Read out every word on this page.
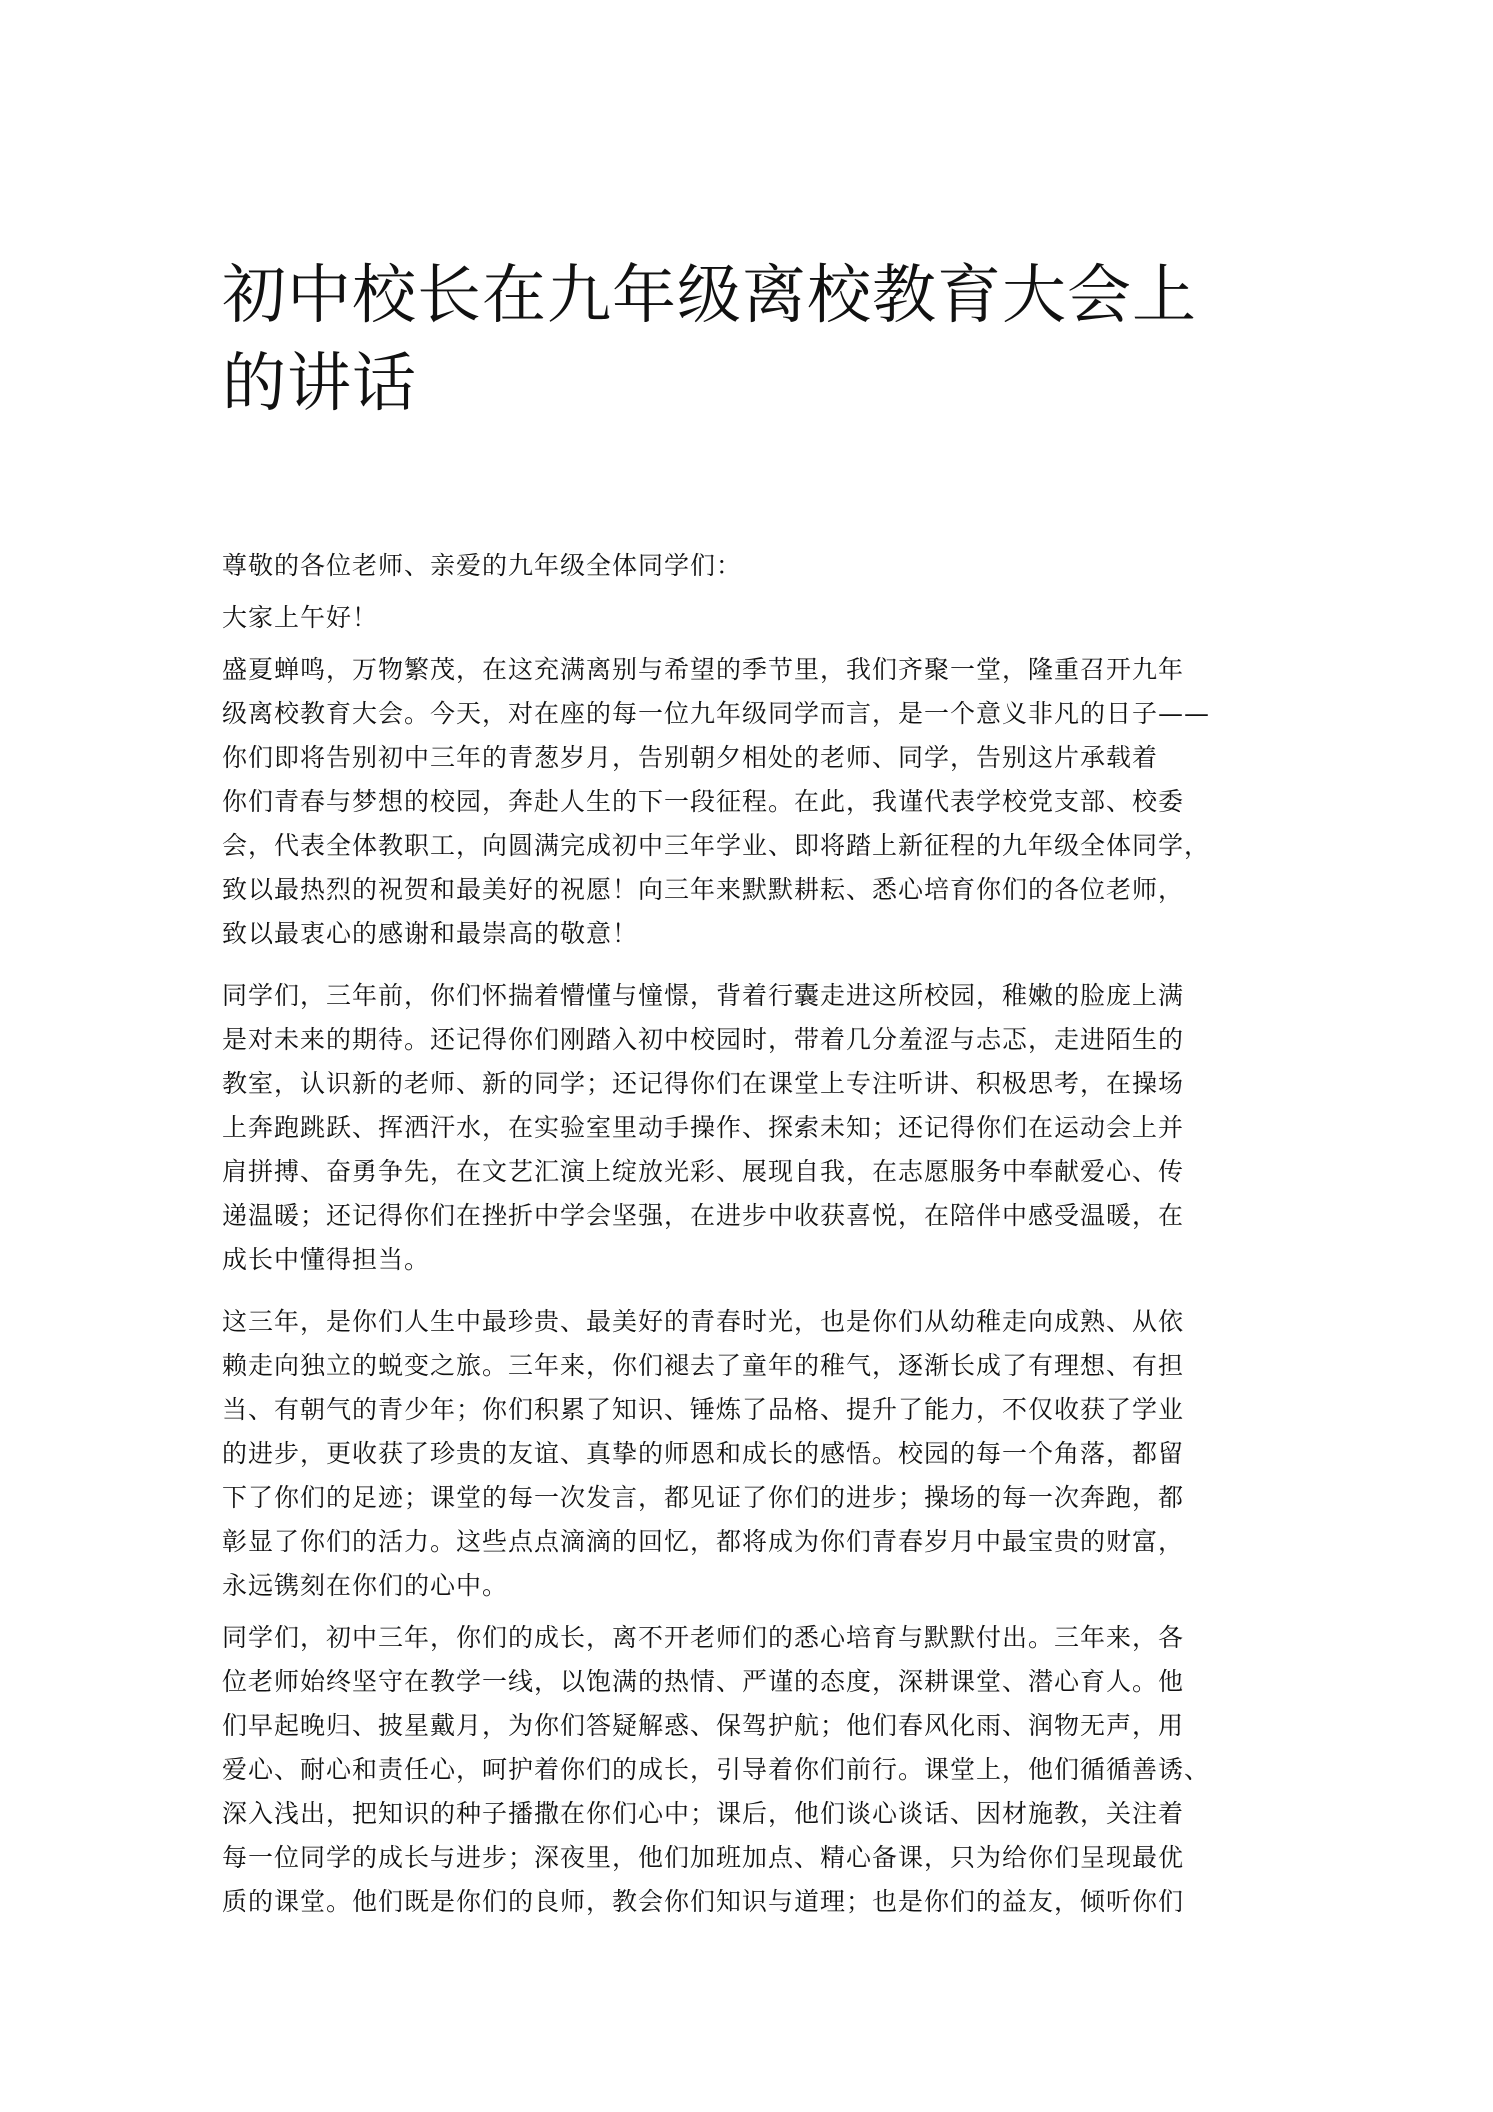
初中校长在九年级离校教育大会上
的讲话

尊敬的各位老师、亲爱的九年级全体同学们：

大家上午好！

盛夏蝉鸣，万物繁茂，在这充满离别与希望的季节里，我们齐聚一堂，隆重召开九年
级离校教育大会。今天，对在座的每一位九年级同学而言，是一个意义非凡的日子——
你们即将告别初中三年的青葱岁月，告别朝夕相处的老师、同学，告别这片承载着
你们青春与梦想的校园，奔赴人生的下一段征程。在此，我谨代表学校党支部、校委
会，代表全体教职工，向圆满完成初中三年学业、即将踏上新征程的九年级全体同学，
致以最热烈的祝贺和最美好的祝愿！向三年来默默耕耘、悉心培育你们的各位老师，
致以最衷心的感谢和最崇高的敬意！

同学们，三年前，你们怀揣着懵懂与憧憬，背着行囊走进这所校园，稚嫩的脸庞上满
是对未来的期待。还记得你们刚踏入初中校园时，带着几分羞涩与忐忑，走进陌生的
教室，认识新的老师、新的同学；还记得你们在课堂上专注听讲、积极思考，在操场
上奔跑跳跃、挥洒汗水，在实验室里动手操作、探索未知；还记得你们在运动会上并
肩拼搏、奋勇争先，在文艺汇演上绽放光彩、展现自我，在志愿服务中奉献爱心、传
递温暖；还记得你们在挫折中学会坚强，在进步中收获喜悦，在陪伴中感受温暖，在
成长中懂得担当。

这三年，是你们人生中最珍贵、最美好的青春时光，也是你们从幼稚走向成熟、从依
赖走向独立的蜕变之旅。三年来，你们褪去了童年的稚气，逐渐长成了有理想、有担
当、有朝气的青少年；你们积累了知识、锤炼了品格、提升了能力，不仅收获了学业
的进步，更收获了珍贵的友谊、真挚的师恩和成长的感悟。校园的每一个角落，都留
下了你们的足迹；课堂的每一次发言，都见证了你们的进步；操场的每一次奔跑，都
彰显了你们的活力。这些点点滴滴的回忆，都将成为你们青春岁月中最宝贵的财富，
永远镌刻在你们的心中。

同学们，初中三年，你们的成长，离不开老师们的悉心培育与默默付出。三年来，各
位老师始终坚守在教学一线，以饱满的热情、严谨的态度，深耕课堂、潜心育人。他
们早起晚归、披星戴月，为你们答疑解惑、保驾护航；他们春风化雨、润物无声，用
爱心、耐心和责任心，呵护着你们的成长，引导着你们前行。课堂上，他们循循善诱、
深入浅出，把知识的种子播撒在你们心中；课后，他们谈心谈话、因材施教，关注着
每一位同学的成长与进步；深夜里，他们加班加点、精心备课，只为给你们呈现最优
质的课堂。他们既是你们的良师，教会你们知识与道理；也是你们的益友，倾听你们
